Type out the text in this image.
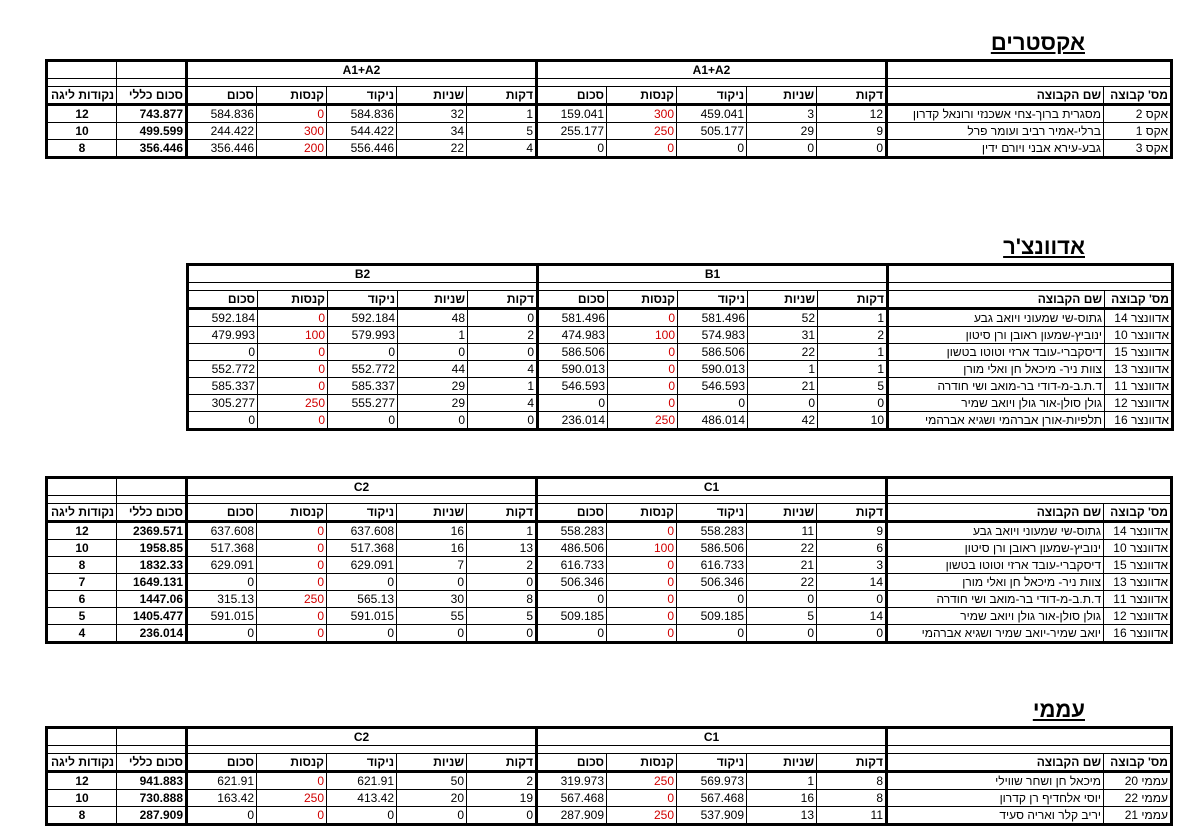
אקסטרים
אדוונצ'ר
עממי
		A1+A2					A1+A2						

נקודות ליגה	סכום כללי	סכום	קנסות	ניקוד	שניות	דקות	סכום	קנסות	ניקוד	שניות	דקות	שם הקבוצה	מס' קבוצה
12	743.877	584.836	0	584.836	32	1	159.041	300	459.041	3	12	מסגרית ברוך-צחי אשכנזי ורונאל קדרון	אקס 2
10	499.599	244.422	300	544.422	34	5	255.177	250	505.177	29	9	ברלי-אמיר רביב ועומר פרל	אקס 1
8	356.446	356.446	200	556.446	22	4	0	0	0	0	0	גבע-עירא אבני ויורם ידין	אקס 3
B2					B1						

סכום	קנסות	ניקוד	שניות	דקות	סכום	קנסות	ניקוד	שניות	דקות	שם הקבוצה	מס' קבוצה
592.184	0	592.184	48	0	581.496	0	581.496	52	1	גתוס-שי שמעוני ויואב גבע	אדוונצר 14
479.993	100	579.993	1	2	474.983	100	574.983	31	2	ינוביץ-שמעון ראובן ורן סיטון	אדוונצר 10
0	0	0	0	0	586.506	0	586.506	22	1	דיסקברי-עובד ארזי וטוטו בטשון	אדוונצר 15
552.772	0	552.772	44	4	590.013	0	590.013	1	1	צוות ניר- מיכאל חן ואלי מורן	אדוונצר 13
585.337	0	585.337	29	1	546.593	0	546.593	21	5	ד.ת.ב-מ-דודי בר-מואב ושי חודרה	אדוונצר 11
305.277	250	555.277	29	4	0	0	0	0	0	גולן סולן-אור גולן ויואב שמיר	אדוונצר 12
0	0	0	0	0	236.014	250	486.014	42	10	תלפיות-אורן אברהמי ושגיא אברהמי	אדוונצר 16
		C2					C1						

נקודות ליגה	סכום כללי	סכום	קנסות	ניקוד	שניות	דקות	סכום	קנסות	ניקוד	שניות	דקות	שם הקבוצה	מס' קבוצה
12	2369.571	637.608	0	637.608	16	1	558.283	0	558.283	11	9	גתוס-שי שמעוני ויואב גבע	אדוונצר 14
10	1958.85	517.368	0	517.368	16	13	486.506	100	586.506	22	6	ינוביץ-שמעון ראובן ורן סיטון	אדוונצר 10
8	1832.33	629.091	0	629.091	7	2	616.733	0	616.733	21	3	דיסקברי-עובד ארזי וטוטו בטשון	אדוונצר 15
7	1649.131	0	0	0	0	0	506.346	0	506.346	22	14	צוות ניר- מיכאל חן ואלי מורן	אדוונצר 13
6	1447.06	315.13	250	565.13	30	8	0	0	0	0	0	ד.ת.ב-מ-דודי בר-מואב ושי חודרה	אדוונצר 11
5	1405.477	591.015	0	591.015	55	5	509.185	0	509.185	5	14	גולן סולן-אור גולן ויואב שמיר	אדוונצר 12
4	236.014	0	0	0	0	0	0	0	0	0	0	יואב שמיר-יואב שמיר ושגיא אברהמי	אדוונצר 16
		C2					C1						

נקודות ליגה	סכום כללי	סכום	קנסות	ניקוד	שניות	דקות	סכום	קנסות	ניקוד	שניות	דקות	שם הקבוצה	מס' קבוצה
12	941.883	621.91	0	621.91	50	2	319.973	250	569.973	1	8	מיכאל חן ושחר שווילי	עממי 20
10	730.888	163.42	250	413.42	20	19	567.468	0	567.468	16	8	יוסי אלחדיף רן קדרון	עממי 22
8	287.909	0	0	0	0	0	287.909	250	537.909	13	11	יריב קלר ואריה סעיד	עממי 21
